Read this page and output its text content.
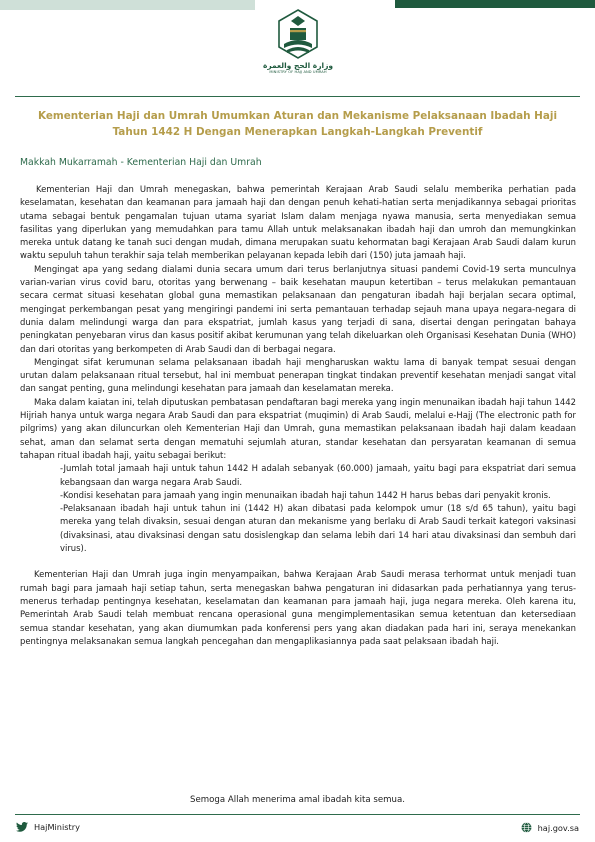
وزارة الحج والعمرة
MINISTRY OF HAJJ AND UMRAH
Kementerian Haji dan Umrah Umumkan Aturan dan Mekanisme Pelaksanaan Ibadah Haji
Tahun 1442 H Dengan Menerapkan Langkah-Langkah Preventif
Makkah Mukarramah - Kementerian Haji dan Umrah

Kementerian Haji dan Umrah menegaskan, bahwa pemerintah Kerajaan Arab Saudi selalu memberika perhatian pada keselamatan, kesehatan dan keamanan para jamaah haji dan dengan penuh kehati-hatian serta menjadikannya sebagai prioritas utama sebagai bentuk pengamalan tujuan utama syariat Islam dalam menjaga nyawa manusia, serta menyediakan semua fasilitas yang diperlukan yang memudahkan para tamu Allah untuk melaksanakan ibadah haji dan umroh dan memungkinkan mereka untuk datang ke tanah suci dengan mudah, dimana merupakan suatu kehormatan bagi Kerajaan Arab Saudi dalam kurun waktu sepuluh tahun terakhir saja telah memberikan pelayanan kepada lebih dari (150) juta jamaah haji.

Mengingat apa yang sedang dialami dunia secara umum dari terus berlanjutnya situasi pandemi Covid-19 serta munculnya varian-varian virus covid baru, otoritas yang berwenang – baik kesehatan maupun ketertiban – terus melakukan pemantauan secara cermat situasi kesehatan global guna memastikan pelaksanaan dan pengaturan ibadah haji berjalan secara optimal, mengingat perkembangan pesat yang mengiringi pandemi ini serta pemantauan terhadap sejauh mana upaya negara-negara di dunia dalam melindungi warga dan para ekspatriat, jumlah kasus yang terjadi di sana, disertai dengan peringatan bahaya peningkatan penyebaran virus dan kasus positif akibat kerumunan yang telah dikeluarkan oleh Organisasi Kesehatan Dunia (WHO) dan dari otoritas yang berkompeten di Arab Saudi dan di berbagai negara.

Mengingat sifat kerumunan selama pelaksanaan ibadah haji mengharuskan waktu lama di banyak tempat sesuai dengan urutan dalam pelaksanaan ritual tersebut, hal ini membuat penerapan tingkat tindakan preventif kesehatan menjadi sangat vital dan sangat penting, guna melindungi kesehatan para jamaah dan keselamatan mereka.

Maka dalam kaiatan ini, telah diputuskan pembatasan pendaftaran bagi mereka yang ingin menunaikan ibadah haji tahun 1442 Hijriah hanya untuk warga negara Arab Saudi dan para ekspatriat (muqimin) di Arab Saudi, melalui e-Hajj (The electronic path for pilgrims) yang akan diluncurkan oleh Kementerian Haji dan Umrah, guna memastikan pelaksanaan ibadah haji dalam keadaan sehat, aman dan selamat serta dengan mematuhi sejumlah aturan, standar kesehatan dan persyaratan keamanan di semua tahapan ritual ibadah haji, yaitu sebagai berikut:

-Jumlah total jamaah haji untuk tahun 1442 H adalah sebanyak (60.000) jamaah, yaitu bagi para ekspatriat dari semua kebangsaan dan warga negara Arab Saudi.
-Kondisi kesehatan para jamaah yang ingin menunaikan ibadah haji tahun 1442 H harus bebas dari penyakit kronis.
-Pelaksanaan ibadah haji untuk tahun ini (1442 H) akan dibatasi pada kelompok umur (18 s/d 65 tahun), yaitu bagi mereka yang telah divaksin, sesuai dengan aturan dan mekanisme yang berlaku di Arab Saudi terkait kategori vaksinasi (divaksinasi, atau divaksinasi dengan satu dosislengkap dan selama lebih dari 14 hari atau divaksinasi dan sembuh dari virus).

Kementerian Haji dan Umrah juga ingin menyampaikan, bahwa Kerajaan Arab Saudi merasa terhormat untuk menjadi tuan rumah bagi para jamaah haji setiap tahun, serta menegaskan bahwa pengaturan ini didasarkan pada perhatiannya yang terus-menerus terhadap pentingnya kesehatan, keselamatan dan keamanan para jamaah haji, juga negara mereka. Oleh karena itu, Pemerintah Arab Saudi telah membuat rencana operasional guna mengimplementasikan semua ketentuan dan ketersediaan semua standar kesehatan, yang akan diumumkan pada konferensi pers yang akan diadakan pada hari ini, seraya menekankan pentingnya melaksanakan semua langkah pencegahan dan mengaplikasiannya pada saat pelaksaan ibadah haji.

Semoga Allah menerima amal ibadah kita semua.
HajMinistry	haj.gov.sa
